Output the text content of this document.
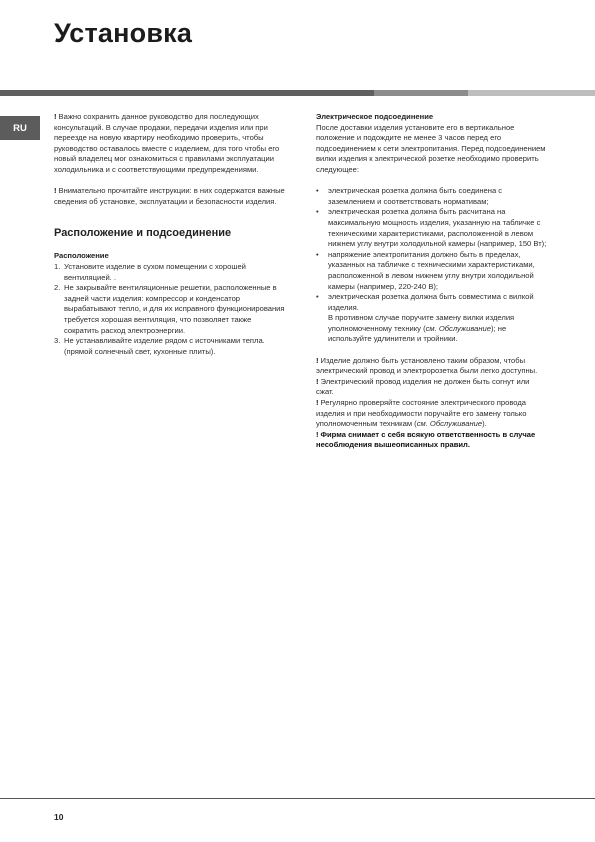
Установка
RU

! Важно сохранить данное руководство для последующих консультаций. В случае продажи, передачи изделия или при переезде на новую квартиру необходимо проверить, чтобы руководство оставалось вместе с изделием, для того чтобы его новый владелец мог ознакомиться с правилами эксплуатации холодильника и с соответствующими предупреждениями.

! Внимательно прочитайте инструкции: в них содержатся важные сведения об установке, эксплуатации и безопасности изделия.

Расположение и подсоединение
Расположение
1. Установите изделие в сухом помещении с хорошей вентиляцией. .
2. Не закрывайте вентиляционные решетки, расположенные в задней части изделия: компрессор и конденсатор вырабатывают тепло, и для их исправного функционирования требуется хорошая вентиляция, что позволяет также сократить расход электроэнергии.
3. Не устанавливайте изделие рядом с источниками тепла. (прямой солнечный свет, кухонные плиты).
Электрическое подсоединение

После доставки изделия установите его в вертикальное положение и подождите не менее 3 часов перед его подсоединением к сети электропитания. Перед подсоединением вилки изделия к электрической розетке необходимо проверить следующее:

• электрическая розетка должна быть соединена с заземлением и соответствовать нормативам;
• электрическая розетка должна быть расчитана на максимальную мощность изделия, указанную на табличке с техническими характеристиками, расположенной в левом нижнем углу внутри холодильной камеры (например, 150 Вт);
• напряжение электропитания должно быть в пределах, указанных на табличке с техническими характеристиками, расположенной в левом нижнем углу внутри холодильной камеры (например, 220-240 В);
• электрическая розетка должна быть совместима с вилкой изделия.
В противном случае поручите замену вилки изделия уполномоченному технику (см. Обслуживание); не используйте удлинители и тройники.

! Изделие должно быть установлено таким образом, чтобы электрический провод и электророзетка были легко доступны.

! Электрический провод изделия не должен быть согнут или сжат.

! Регулярно проверяйте состояние электрического провода изделия и при необходимости поручайте его замену только уполномоченным техникам (см. Обслуживание).

! Фирма снимает с себя всякую ответственность в случае несоблюдения вышеописанных правил.

10
